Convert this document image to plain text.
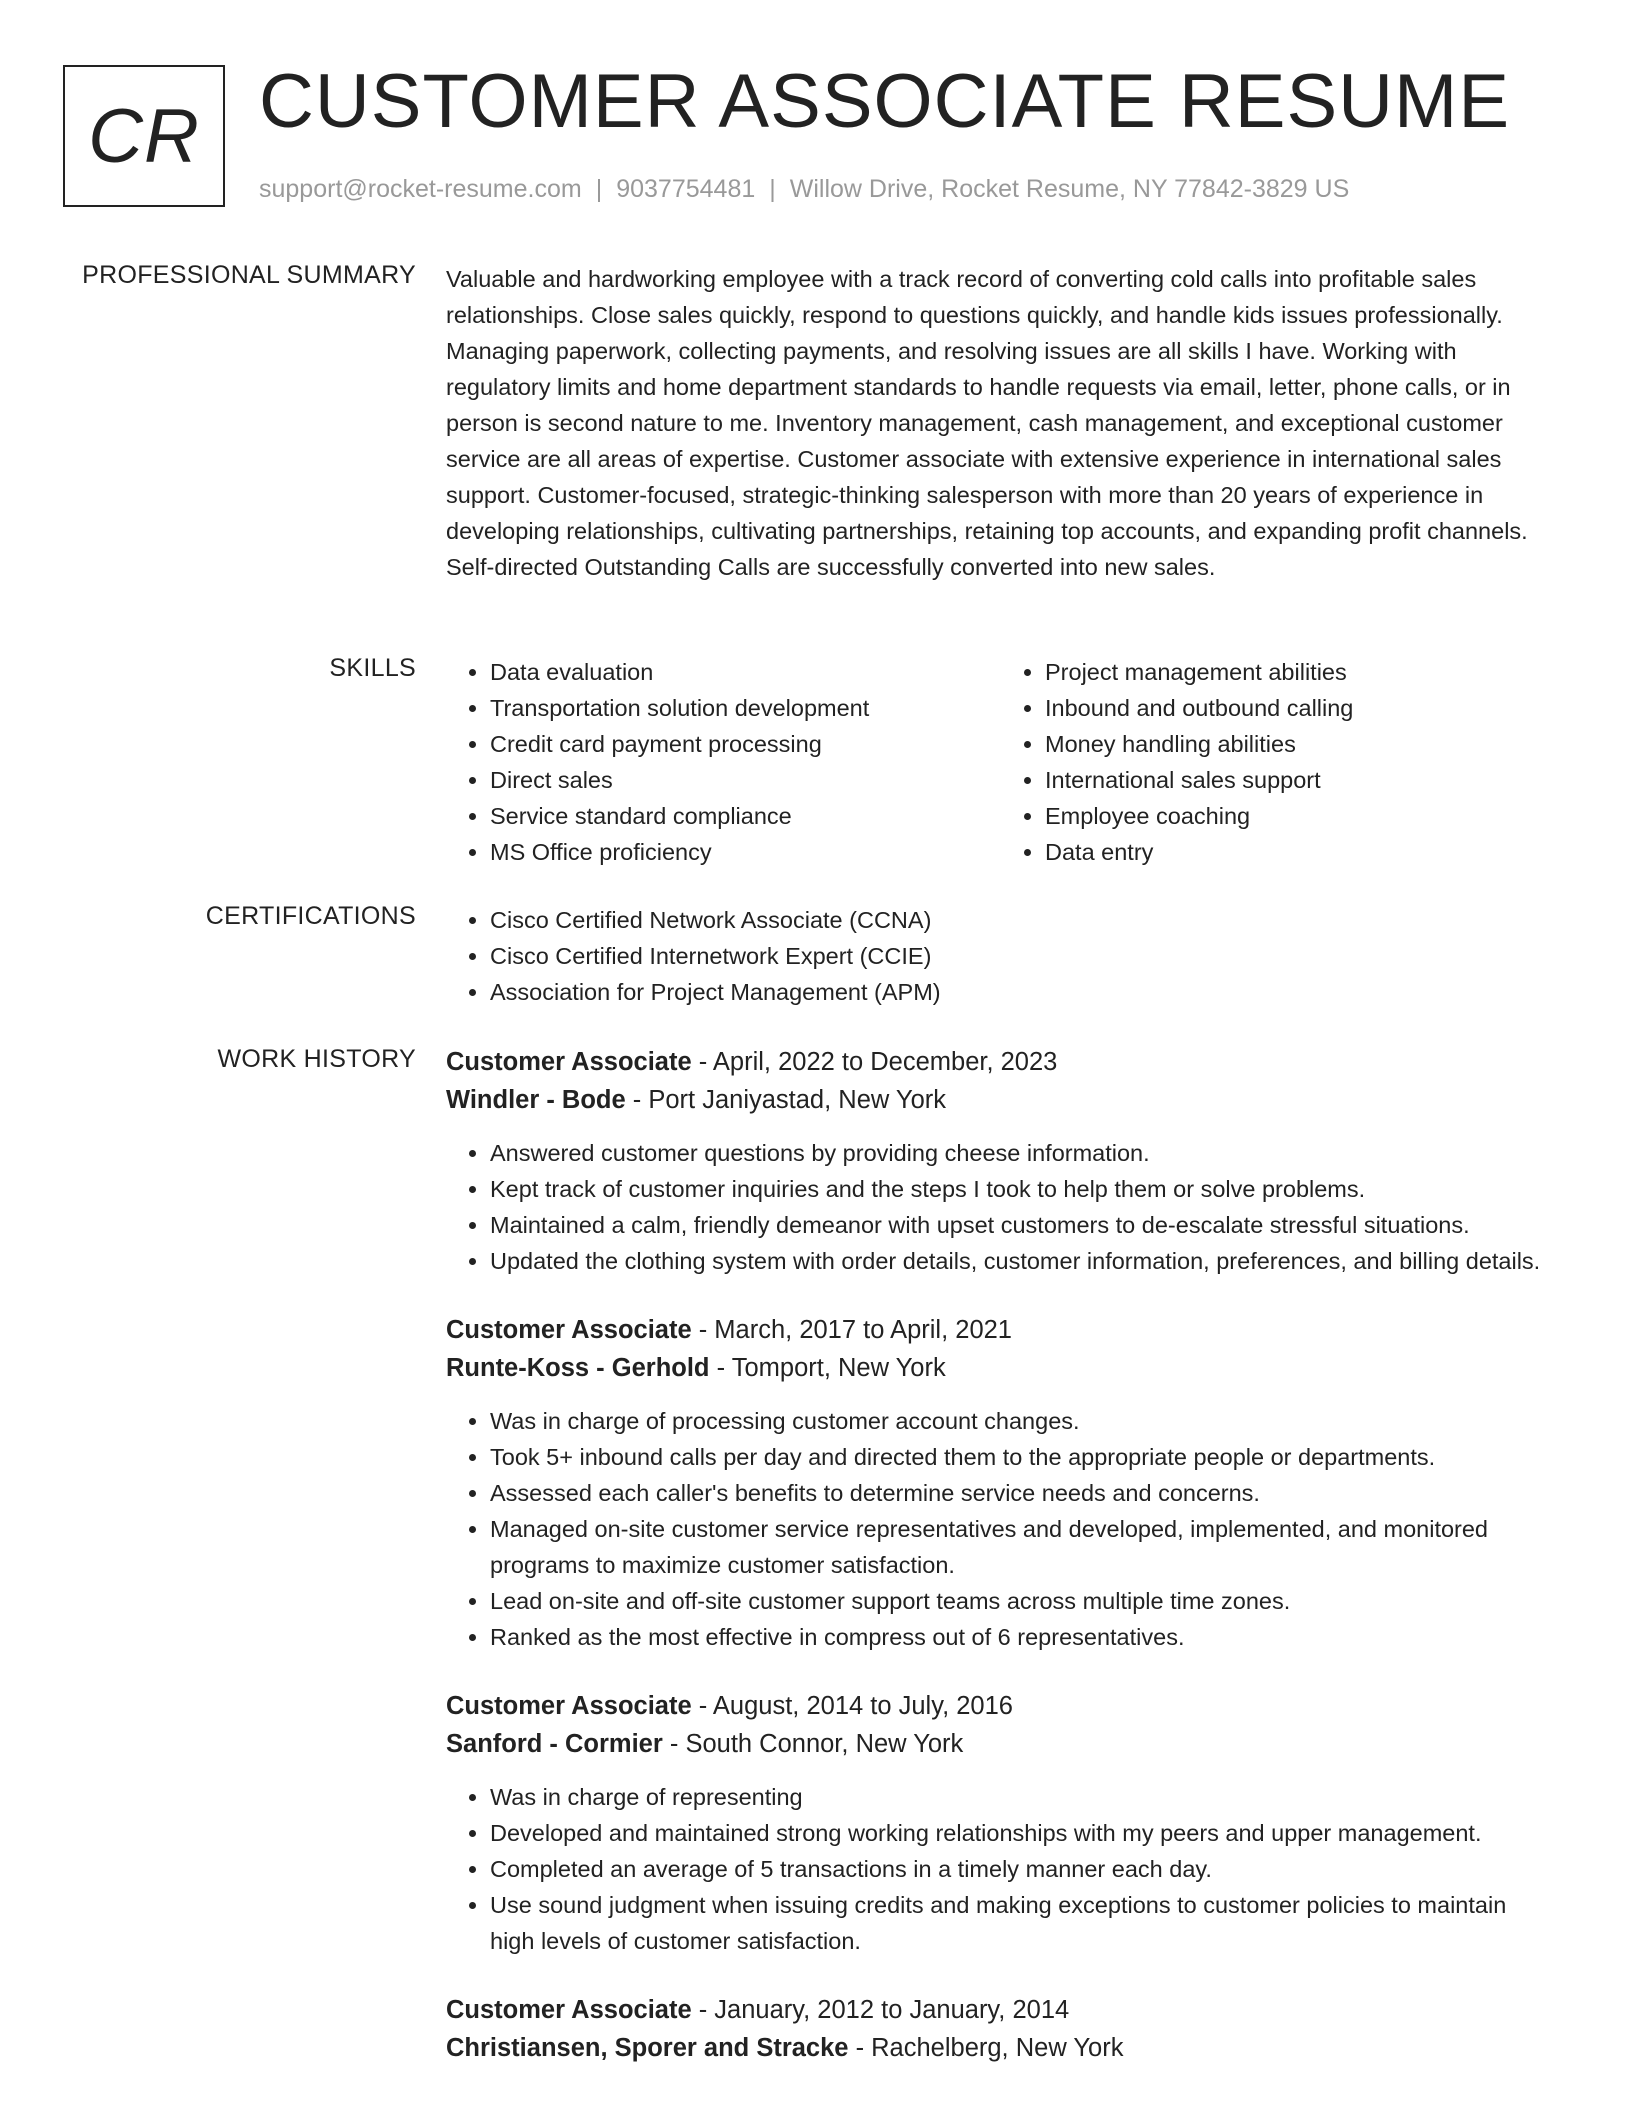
CR CUSTOMER ASSOCIATE RESUME
support@rocket-resume.com | 9037754481 | Willow Drive, Rocket Resume, NY 77842-3829 US
PROFESSIONAL SUMMARY Valuable and hardworking employee with a track record of converting cold calls into profitable sales relationships. Close sales quickly, respond to questions quickly, and handle kids issues professionally. Managing paperwork, collecting payments, and resolving issues are all skills I have. Working with regulatory limits and home department standards to handle requests via email, letter, phone calls, or in person is second nature to me. Inventory management, cash management, and exceptional customer service are all areas of expertise. Customer associate with extensive experience in international sales support. Customer-focused, strategic-thinking salesperson with more than 20 years of experience in developing relationships, cultivating partnerships, retaining top accounts, and expanding profit channels. Self-directed Outstanding Calls are successfully converted into new sales.

SKILLS	• Data evaluation
• Transportation solution development
• Credit card payment processing
• Direct sales
• Service standard compliance
• MS Office proficiency
• Project management abilities
• Inbound and outbound calling
• Money handling abilities
• International sales support
• Employee coaching
• Data entry
CERTIFICATIONS	• Cisco Certified Network Associate (CCNA)
• Cisco Certified Internetwork Expert (CCIE)
• Association for Project Management (APM)
WORK HISTORY Customer Associate - April, 2022 to December, 2023
Windler - Bode - Port Janiyastad, New York
• Answered customer questions by providing cheese information.
• Kept track of customer inquiries and the steps I took to help them or solve problems.
• Maintained a calm, friendly demeanor with upset customers to de-escalate stressful situations.
• Updated the clothing system with order details, customer information, preferences, and billing details.
Customer Associate - March, 2017 to April, 2021
Runte-Koss - Gerhold - Tomport, New York
• Was in charge of processing customer account changes.
• Took 5+ inbound calls per day and directed them to the appropriate people or departments.
• Assessed each caller's benefits to determine service needs and concerns.
• Managed on-site customer service representatives and developed, implemented, and monitored programs to maximize customer satisfaction.
• Lead on-site and off-site customer support teams across multiple time zones.
• Ranked as the most effective in compress out of 6 representatives.
Customer Associate - August, 2014 to July, 2016
Sanford - Cormier - South Connor, New York
• Was in charge of representing
• Developed and maintained strong working relationships with my peers and upper management.
• Completed an average of 5 transactions in a timely manner each day.
• Use sound judgment when issuing credits and making exceptions to customer policies to maintain high levels of customer satisfaction.
Customer Associate - January, 2012 to January, 2014
Christiansen, Sporer and Stracke - Rachelberg, New York
